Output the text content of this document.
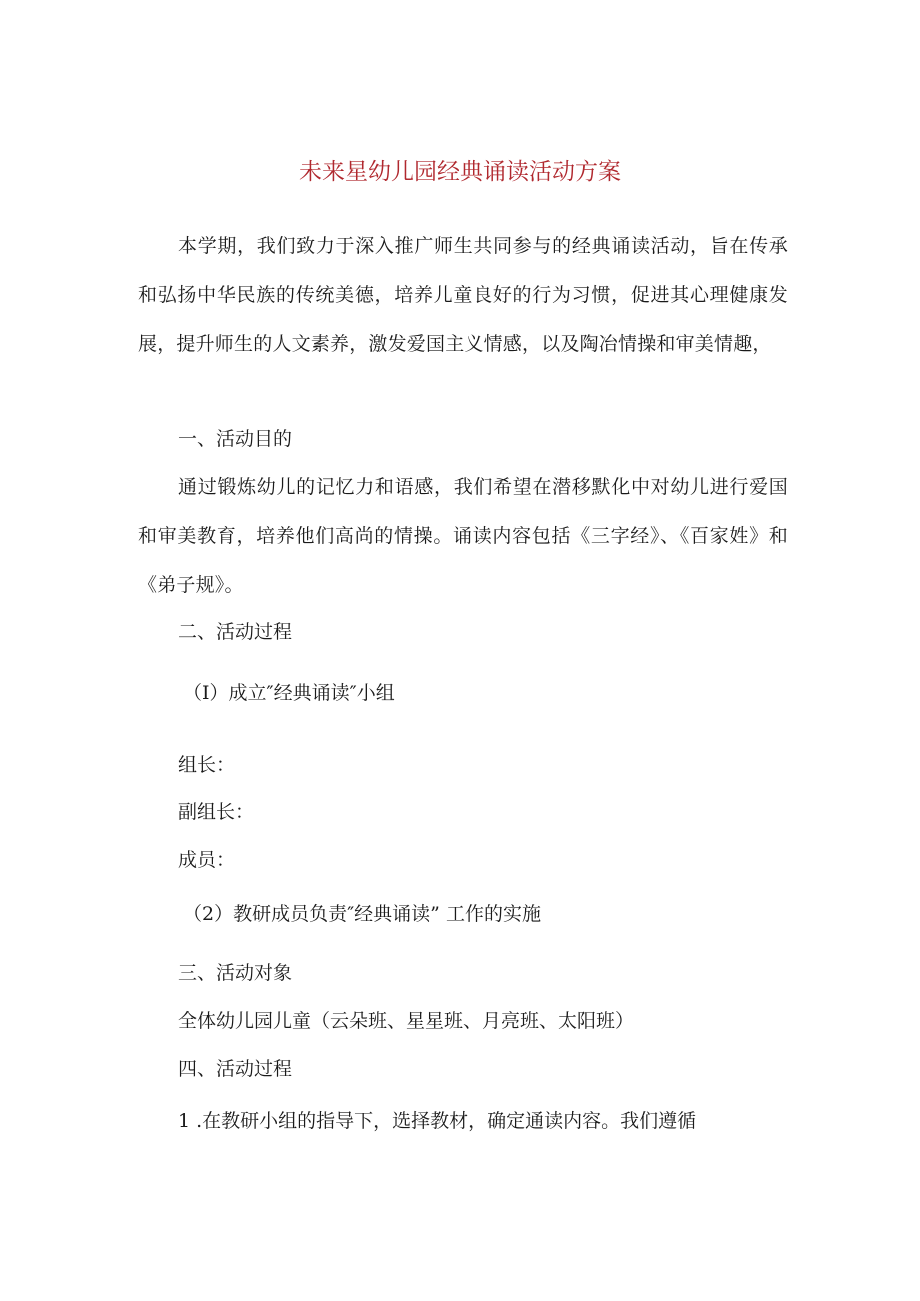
未来星幼儿园经典诵读活动方案

本学期，我们致力于深入推广师生共同参与的经典诵读活动，旨在传承和弘扬中华民族的传统美德，培养儿童良好的行为习惯，促进其心理健康发展，提升师生的人文素养，激发爱国主义情感，以及陶冶情操和审美情趣，

一、活动目的

通过锻炼幼儿的记忆力和语感，我们希望在潜移默化中对幼儿进行爱国和审美教育，培养他们高尚的情操。诵读内容包括《三字经》、《百家姓》和《弟子规》。

二、活动过程

（I）成立″经典诵读″小组

组长：

副组长：

成员：

（2）教研成员负责″经典诵读” 工作的实施

三、活动对象

全体幼儿园儿童（云朵班、星星班、月亮班、太阳班）

四、活动过程

1 .在教研小组的指导下，选择教材，确定通读内容。我们遵循
